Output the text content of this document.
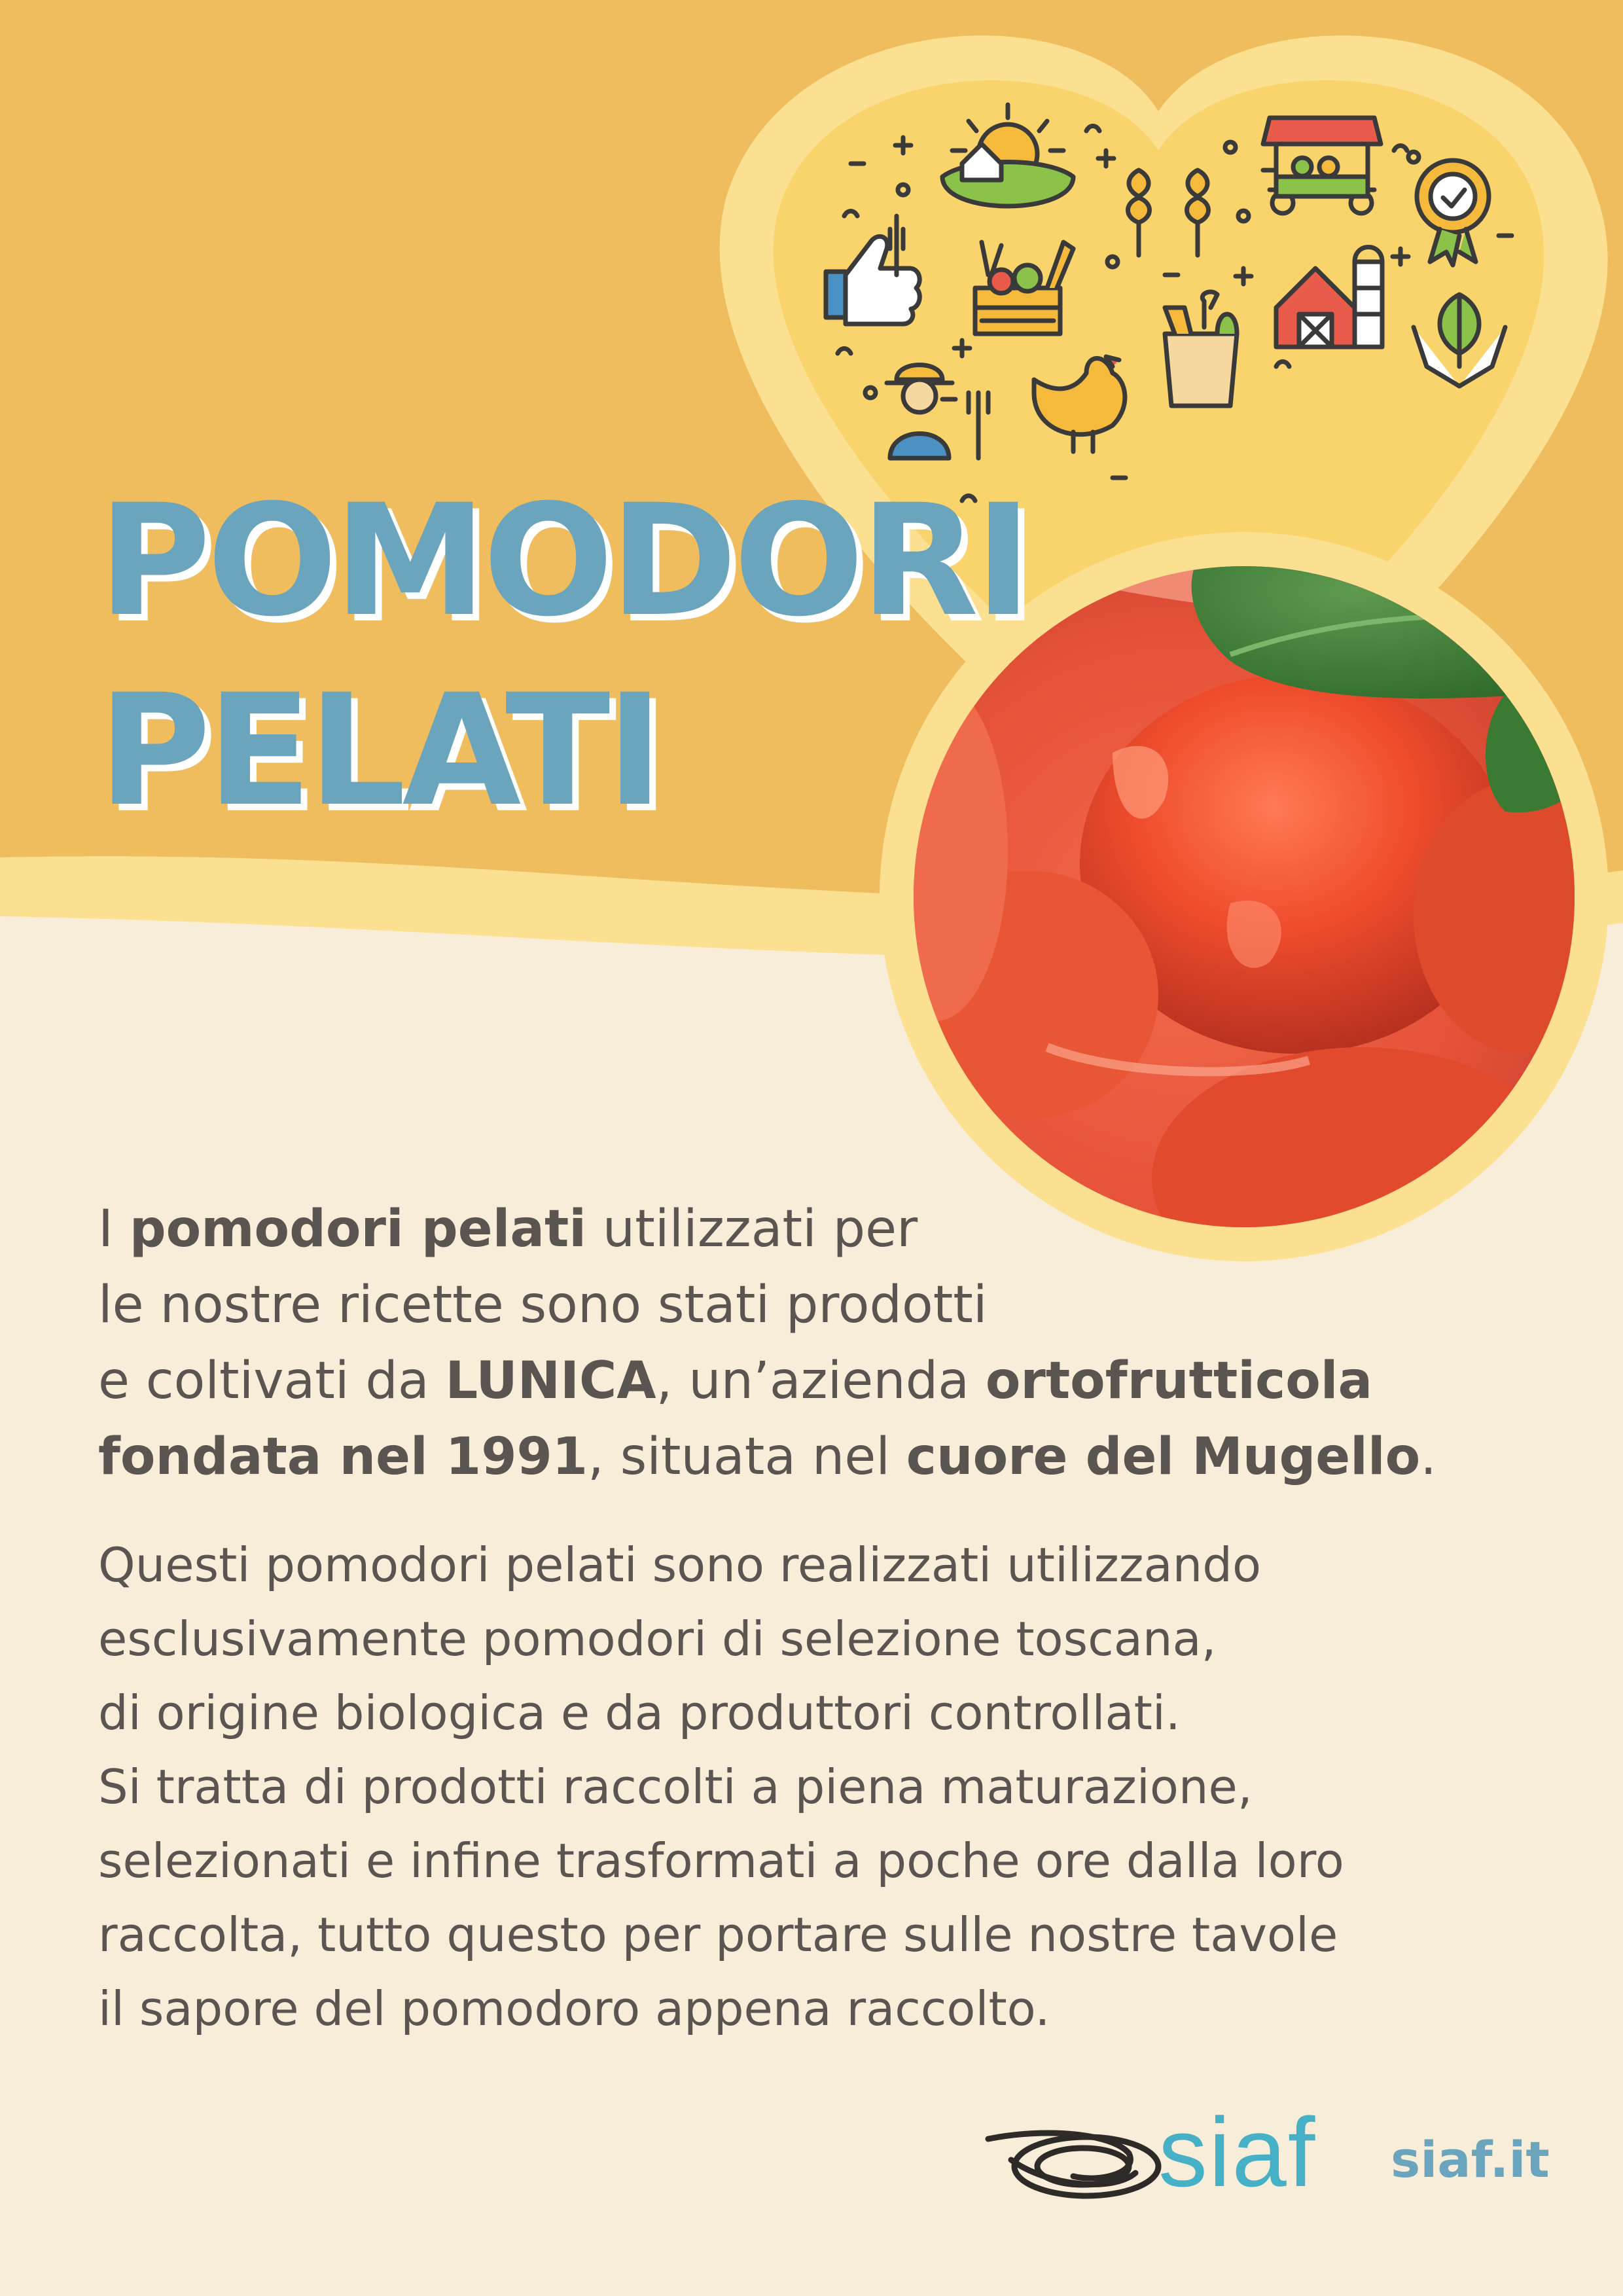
siaf
POMODORI
PELATI
I pomodori pelati utilizzati per
le nostre ricette sono stati prodotti
e coltivati da LUNICA, un’azienda ortofrutticola
fondata nel 1991, situata nel cuore del Mugello.
Questi pomodori pelati sono realizzati utilizzando
esclusivamente pomodori di selezione toscana,
di origine biologica e da produttori controllati.
Si tratta di prodotti raccolti a piena maturazione,
selezionati e infine trasformati a poche ore dalla loro
raccolta, tutto questo per portare sulle nostre tavole
il sapore del pomodoro appena raccolto.
siaf.it
